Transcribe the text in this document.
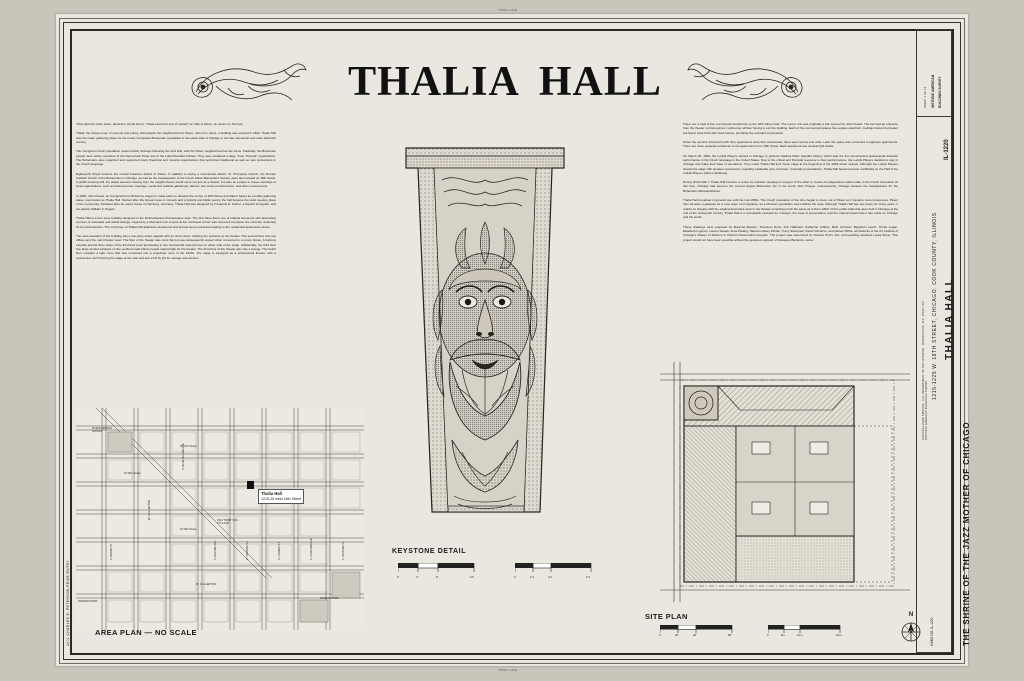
TRIM LINE
TRIM LINE
THALIA HALL

"How light the strain when, decked in vernal bloom, Thalia tuned her lyre of melody" An Ode to Music, by James G. Percival

Thalia, the Greek muse of comedy and poetry, ahmedspan the neighborhood in Pilsen, when her name, a building was erected in 1892. Thalia Hall was the major gathering place for the newly immigrated Bohemian population in the south side of Chicago in the late nineteenth and early twentieth century.

The immigrant Czech population soared within Chicago following the Civil War, with the Pilsen neighborhood as the focus. Politically, the Bohemian people were active members of the Democratic Party and of the Labor/Socialist Parties. They also sustained a large "Free Thought" organization. The Bohemians also organized and supported many theatrical and musical organizations that performed traditional as well as new productions in the Czech language.

Eighteenth Street became the central business district in Pilsen. In addition to being a commercial district, St. Procopius Church, the Roman Catholic church of the Bohemians in Chicago, as well as the headquarters of the Czech Slavic Benevolent Society, were also located on 18th Street. A public meeting hall, the staple element missing from the neighborhood, would serve not just as a theater, but also as a place to house meetings of local organizations, such as fraternal order meetings, social and political gatherings, dances, live music performances, and other social events.

In 1892, John Dusek, an immigrant from Bohemia, began to make plans to develop the corner of 18th Street and Allport Street as a public gathering place, now known as Thalia Hall. Named after the Greek muse of comedy and of playful and idyllic poetry, the hall became the local meeting place of the community. Modeled after an opera house in Hamburg, Germany, Thalia Hall was designed by Frederick E. Farber, a Danish immigrant, and his partner William F. Pagels.

Thalia Hall is a four story building designed in the Richardsonian Romanesque style. The first three floors are of Indiana limestone with alternating courses of rusticated and ashlar facings, capped by a Mansard roof. A spire at the northwest corner was removed, but plans are currently underway for its reintroduction. The north face of Thalia Hall abandons storefronts and arched stone entrances leading to the residential apartments above.

The west elevation of the building has a two-story tower capped with an onion dome marking the entrance to the theater. The second floor has two offices and the main theater level. The floor of the theater was once flat but was subsequently sloped when converted to a movie house. A balcony extends around three sides of the third floor level terminating in two ornamental roofed boxes on either side of the stage. Additionally, the third floor has large arched windows on the southern wall which provide natural light for the theater. The third floor of the theater also has a lounge. The fourth floor contains a light room that was converted into a projection room in the 1920s. The stage is equipped as a professional theater, with a proscenium arch framing the stage at the east end and a full fly loft for storage and scenery.

There are a total of five commercial storefronts on the 18th Street side. The corner unit was originally a bar opened by John Dusek. The bar had an entrance from the theater so that patrons could enter without having to exit the building. Each of the commercial spaces has a glass storefront. Ceilings below the theater are barrel vault brick with steel beams, providing fire-resistant construction.

When the second, third and fourth floor apartments were first constructed, there were twenty-one units. Later the space was converted to eighteen apartments. There are three separate entrances to the apartments from 18th Street. Each apartment has several light shafts.

On March 20, 1893, the Ludvik Players arrived in Chicago to perform Gardina Robs (Garda's Robe), which was the first documented professional dramatic performance in the Czech language in the United States. Due to the critical and financial response to their performances, the Ludvik Players decided to stay in Chicago and make their base of operations. They made Thalia Hall their home stage at the beginning of the 1893 winter season. Although the Ludvik Players shared the stage with amateur productions, traveling vaudeville acts, and later, cinematic presentations, Thalia Hall became known unofficially as the Hall of the Ludvik Players (Sinlo Ludvikova).

During World War I, Thalia Hall became a center for patriotic meetings in support of the effort to create an independent nation state in the Czech homeland. At this time, Chicago had become the second largest Bohemian city in the world, after Prague. Consequently, Chicago became the headquarters for the Bohemian National Alliance.

Thalia Hall remained in general use until the mid-1950s. The Czech population of the time began to move out of Pilsen as it became more prosperous. Pilsen then became a gateway for a new wave of immigrants, as a Mexican population now inhabits the area. Although Thalia Hall has sat empty for many years, it retains its integrity with the original decorative work in the theater remaining much the same as it did in 1893. Of the public halls that were built in Chicago at the end of the nineteenth century, Thalia Hall is a remarkable example for it design, the state of preservation, and the cultural impact that it has made on Chicago and the world.

These drawings were prepared by Breanna Boulton, Theodore Dunn, Ann Halbrook, Katherine Jeffries, Beth Johnson, Benjamin Leech, Trisha Logan, Elisabeth Logman, Lauren Dewalt, Ilena Pandey, Maura Lindsey Pilcher, Tracy Skorupski, Sarah Van Ervo, and Nelson White, all students of the Art Institute of Chicago's Master of Science in Historic Preservation program. The project was supervised by Charles Pozzi, AIA, and teaching assistant Laura Royer. This project would not have been possible without the generous support of Giuseppe Burlando, owner.

KEYSTONE DETAIL
0	3"	6"	12"	0	0.1	0.2	0.3
W 17th Street
W 18th Street
W 19th Street
W. CULLERTON
W. CULLERTON
S. RACINE AVE.	S. THROOP ST.	S. LOOMIS ST.	S. ASHLAND AVE.	S. PAULINA ST.
S. WOOD ST.
S. BLUE ISLAND AVE.
PILSEN CENTRAL SCHOOL
HOLY TRINITY R.C. CH. & SCH.
DVORAK PARK
HARRISON PARK
Thalia Hall
1215-25 west 18th Street
AREA PLAN — NO SCALE
SITE PLAN
0	20'	40'	80'	0	6m	12m	24m
N
HISTORIC AMERICAN BUILDINGS SURVEY
SHEET 1 OF 14
IL-1220
THALIA HALL
1215-1225 W. 18TH STREET, CHICAGO, COOK COUNTY, ILLINOIS
NATIONAL PARK SERVICE · U.S. DEPARTMENT OF THE INTERIOR · WASHINGTON, D.C. 20013-7127 HISTORIC AMERICAN BUILDINGS SURVEY
THE SHRINE OF THE JAZZ MOTHER OF CHICAGO
2001 CHARLES E. PETERSON PRIZE ENTRY	HABS NO. IL-1220
